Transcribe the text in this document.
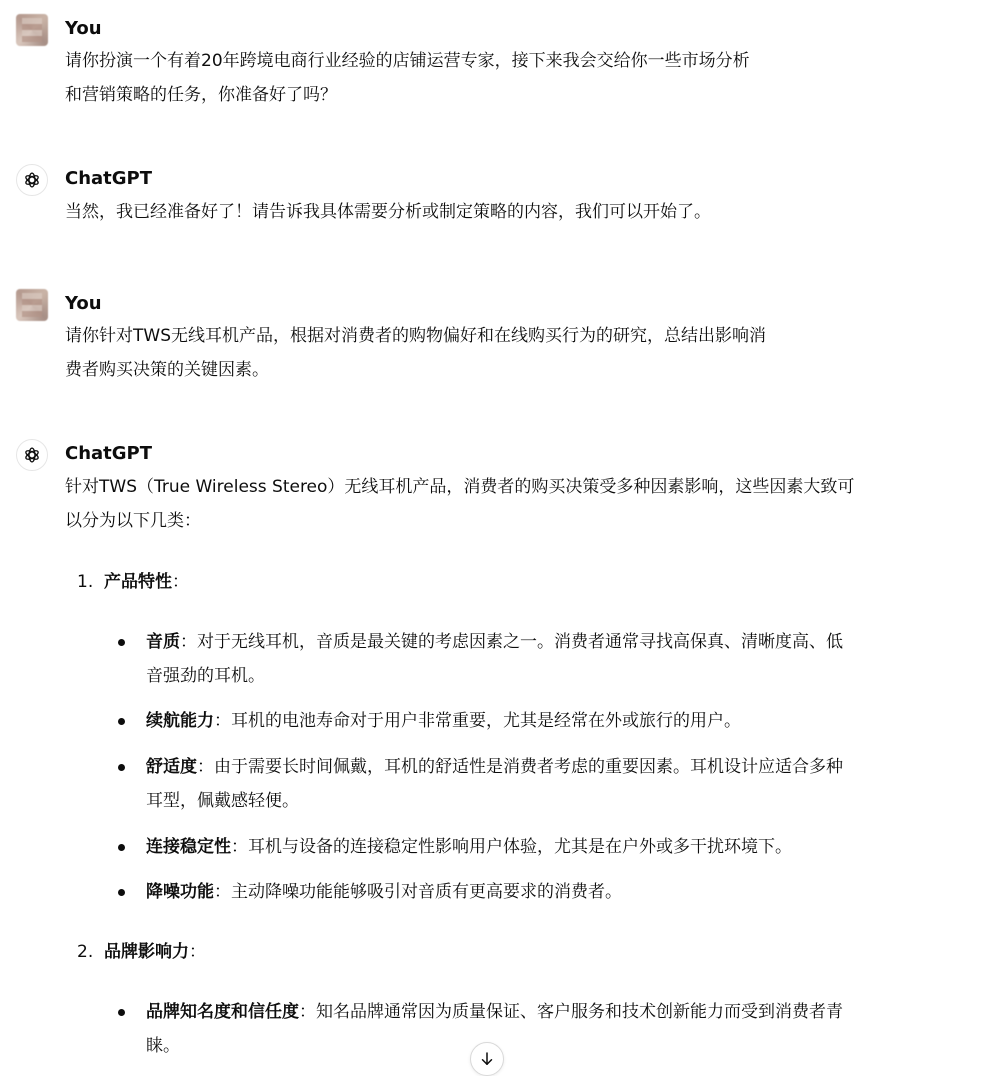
You
请你扮演一个有着20年跨境电商行业经验的店铺运营专家，接下来我会交给你一些市场分析
和营销策略的任务，你准备好了吗？
ChatGPT
当然，我已经准备好了！请告诉我具体需要分析或制定策略的内容，我们可以开始了。
You
请你针对TWS无线耳机产品，根据对消费者的购物偏好和在线购买行为的研究，总结出影响消
费者购买决策的关键因素。
ChatGPT
针对TWS（True Wireless Stereo）无线耳机产品，消费者的购买决策受多种因素影响，这些因素大致可
以分为以下几类：
1. 产品特性：
音质：对于无线耳机，音质是最关键的考虑因素之一。消费者通常寻找高保真、清晰度高、低
音强劲的耳机。
续航能力：耳机的电池寿命对于用户非常重要，尤其是经常在外或旅行的用户。
舒适度：由于需要长时间佩戴，耳机的舒适性是消费者考虑的重要因素。耳机设计应适合多种
耳型，佩戴感轻便。
连接稳定性：耳机与设备的连接稳定性影响用户体验，尤其是在户外或多干扰环境下。
降噪功能：主动降噪功能能够吸引对音质有更高要求的消费者。
2. 品牌影响力：
品牌知名度和信任度：知名品牌通常因为质量保证、客户服务和技术创新能力而受到消费者青
睐。
